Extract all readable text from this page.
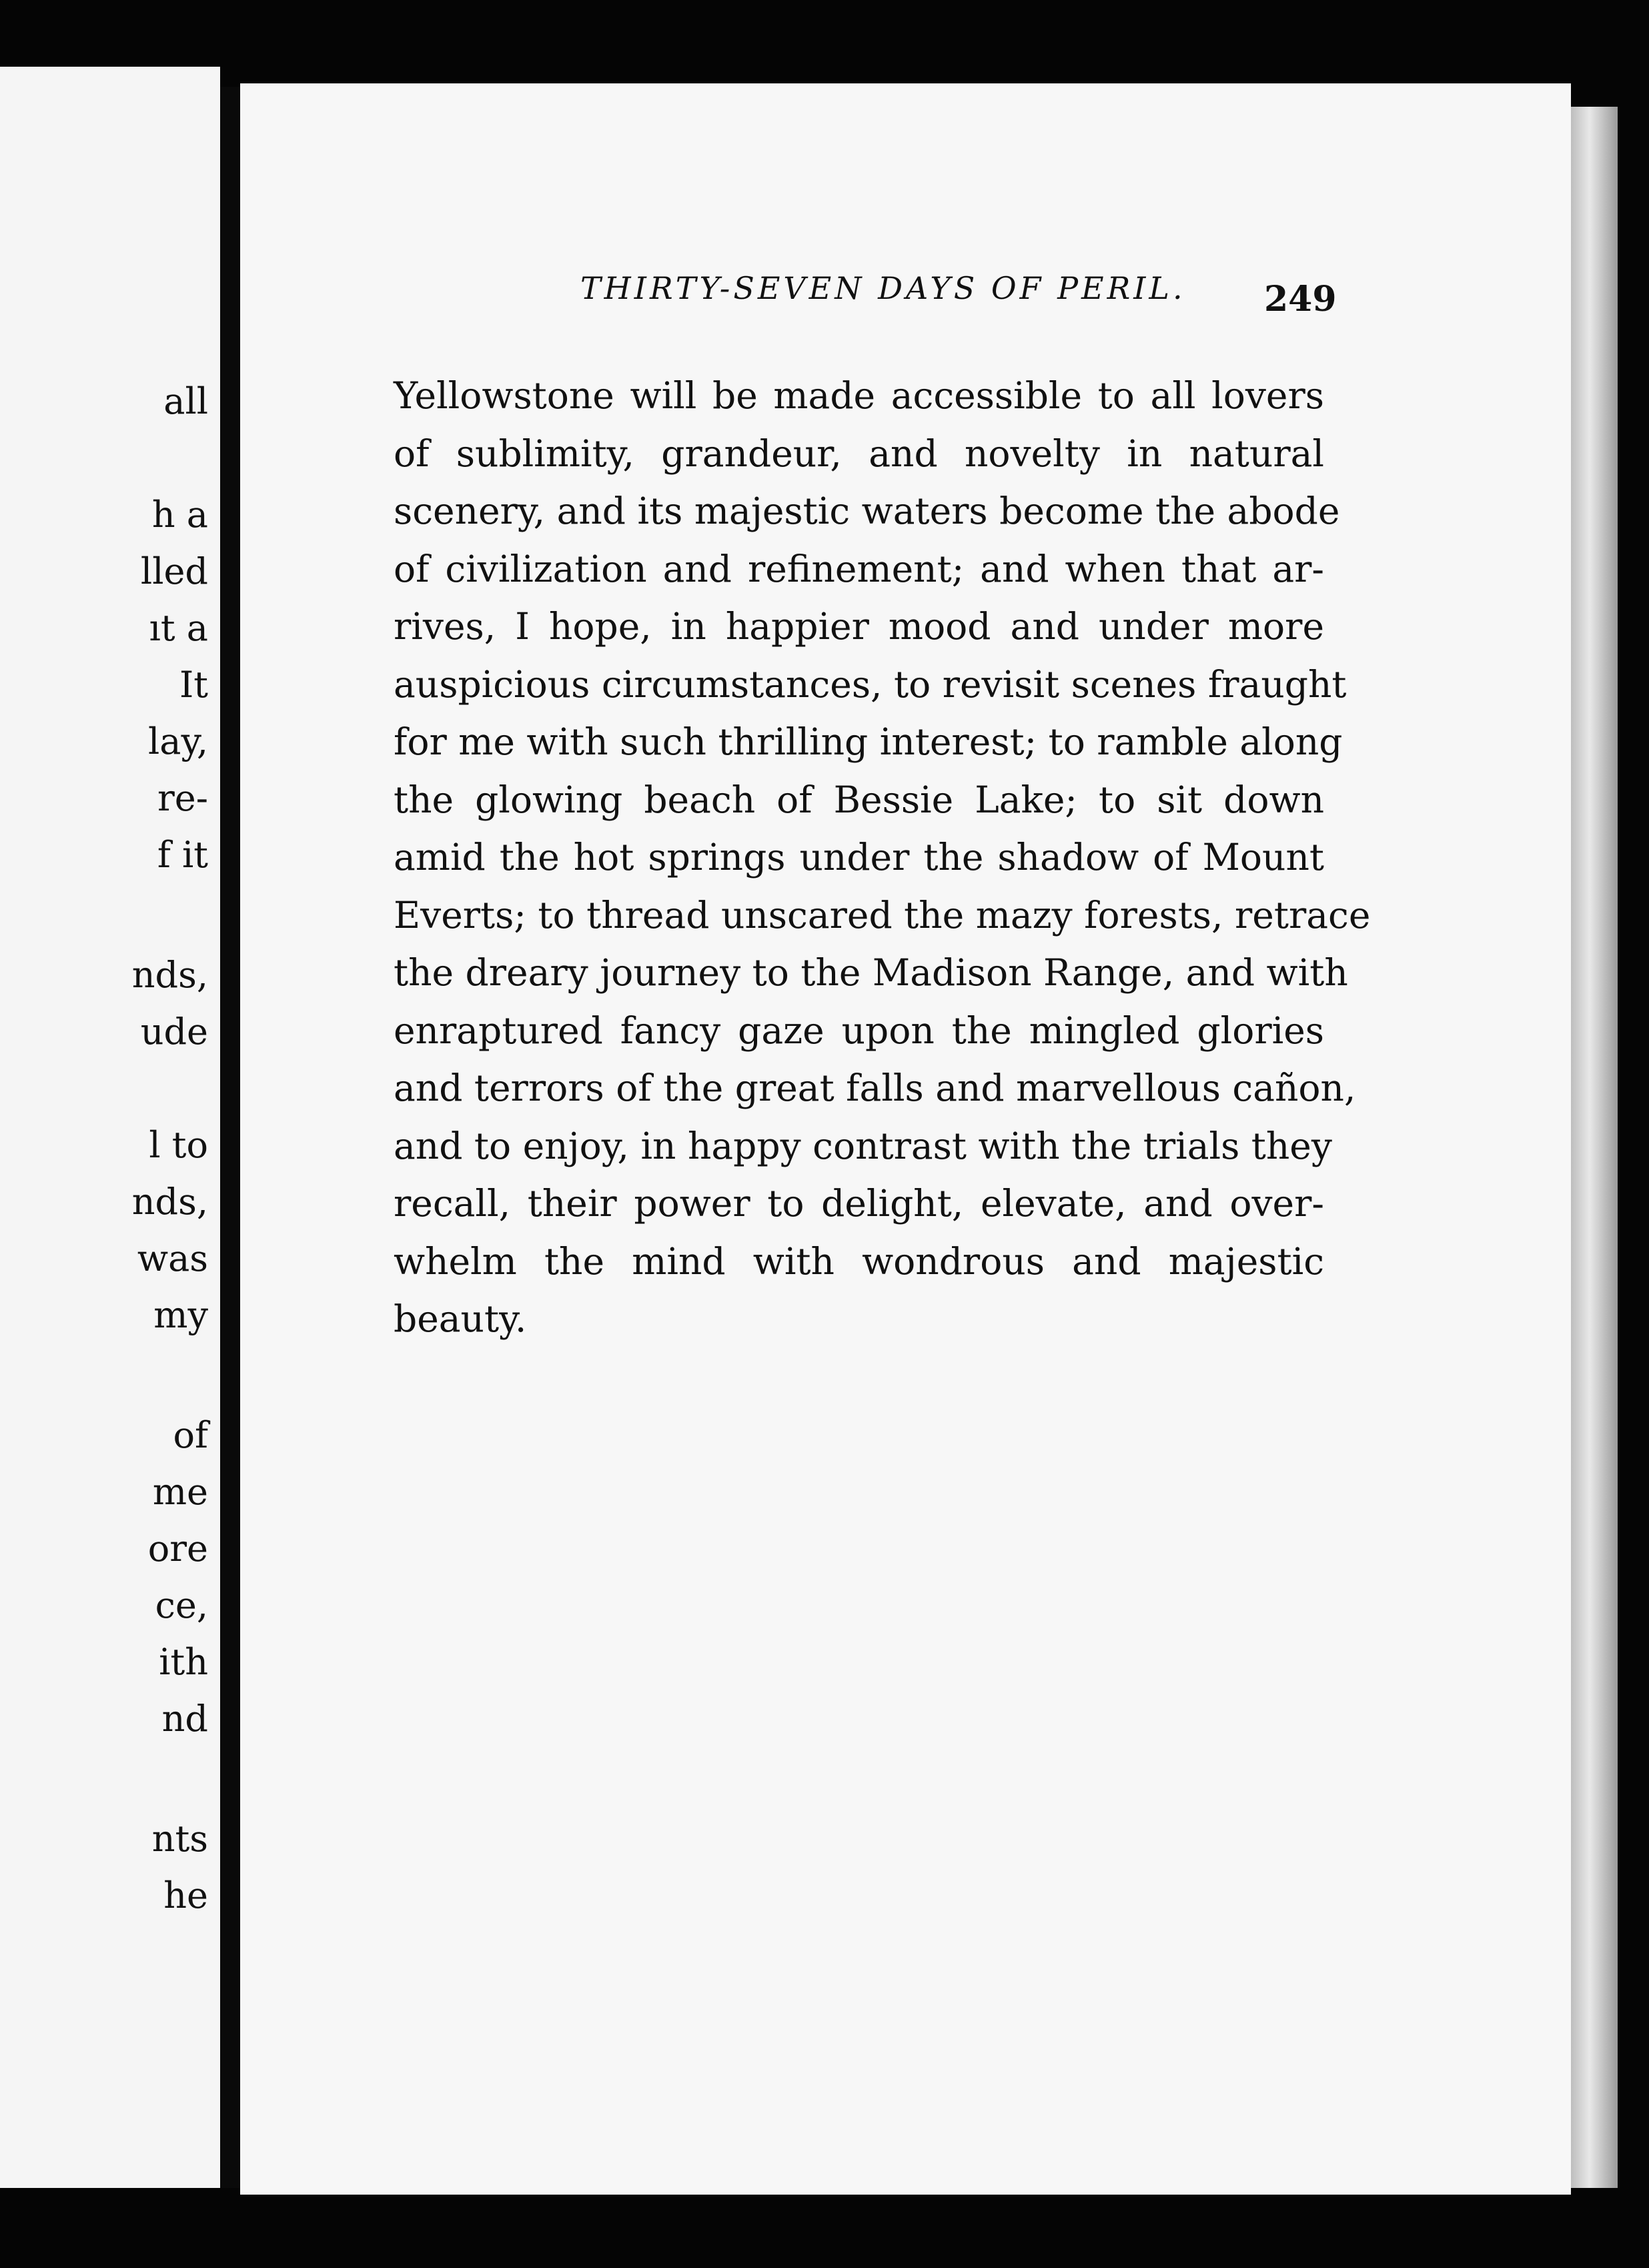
all
h a
lled
ıt a
It
lay,
re-
f it
nds,
ude
l to
nds,
was
my
of
me
ore
ce,
ith
nd
nts
he
THIRTY-SEVEN DAYS OF PERIL. 249
Yellowstone will be made accessible to all lovers
of sublimity, grandeur, and novelty in natural
scenery, and its majestic waters become the abode
of civilization and refinement; and when that ar-
rives, I hope, in happier mood and under more
auspicious circumstances, to revisit scenes fraught
for me with such thrilling interest; to ramble along
the glowing beach of Bessie Lake; to sit down
amid the hot springs under the shadow of Mount
Everts; to thread unscared the mazy forests, retrace
the dreary journey to the Madison Range, and with
enraptured fancy gaze upon the mingled glories
and terrors of the great falls and marvellous cañon,
and to enjoy, in happy contrast with the trials they
recall, their power to delight, elevate, and over-
whelm the mind with wondrous and majestic
beauty.
